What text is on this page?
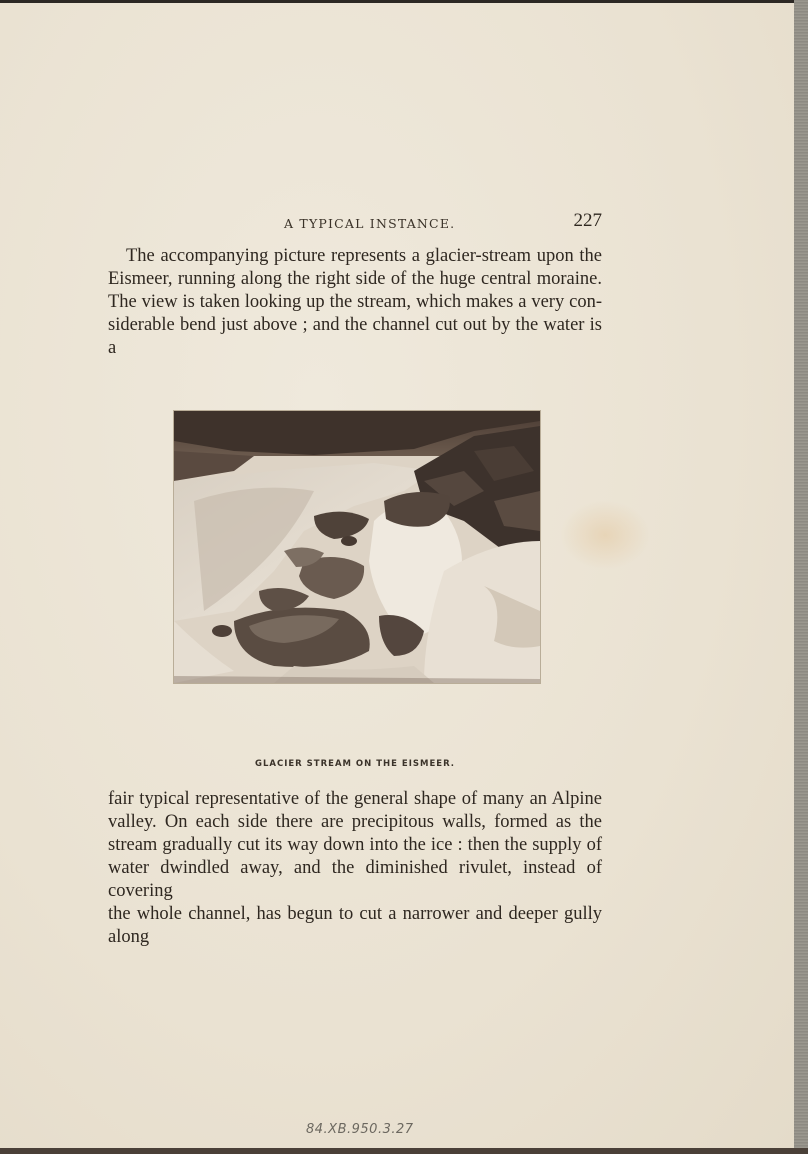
A TYPICAL INSTANCE.	227

The accompanying picture represents a glacier-stream upon the
Eismeer, running along the right side of the huge central moraine.
The view is taken looking up the stream, which makes a very con-
siderable bend just above ; and the channel cut out by the water is a

GLACIER STREAM ON THE EISMEER.

fair typical representative of the general shape of many an Alpine
valley. On each side there are precipitous walls, formed as the
stream gradually cut its way down into the ice : then the supply of
water dwindled away, and the diminished rivulet, instead of covering
the whole channel, has begun to cut a narrower and deeper gully along

84.XB.950.3.27
